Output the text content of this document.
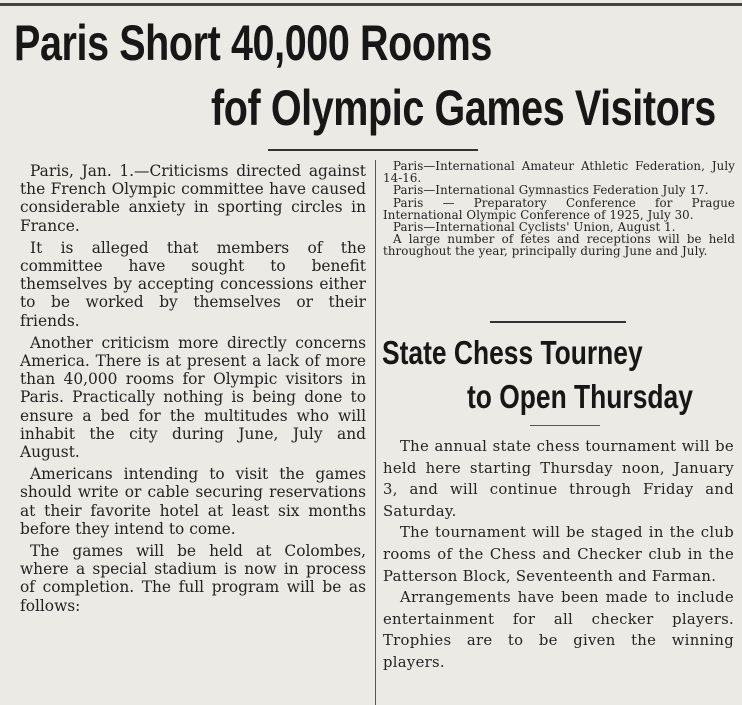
Paris Short 40,000 Rooms
fof Olympic Games Visitors

Paris, Jan. 1.—Criticisms directed against the French Olympic committee have caused considerable anxiety in sporting circles in France.

It is alleged that members of the committee have sought to benefit themselves by accepting concessions either to be worked by themselves or their friends.

Another criticism more directly concerns America. There is at present a lack of more than 40,000 rooms for Olympic visitors in Paris. Practically nothing is being done to ensure a bed for the multitudes who will inhabit the city during June, July and August.

Americans intending to visit the games should write or cable securing reservations at their favorite hotel at least six months before they intend to come.

The games will be held at Colombes, where a special stadium is now in process of completion. The full program will be as follows:

Paris—International Amateur Athletic Federation, July 14-16.

Paris—International Gymnastics Federation July 17.

Paris — Preparatory Conference for Prague International Olympic Conference of 1925, July 30.

Paris—International Cyclists' Union, August 1.

A large number of fetes and receptions will be held throughout the year, principally during June and July.

State Chess Tourney
to Open Thursday

The annual state chess tournament will be held here starting Thursday noon, January 3, and will continue through Friday and Saturday.

The tournament will be staged in the club rooms of the Chess and Checker club in the Patterson Block, Seventeenth and Farman.

Arrangements have been made to include entertainment for all checker players. Trophies are to be given the winning players.
